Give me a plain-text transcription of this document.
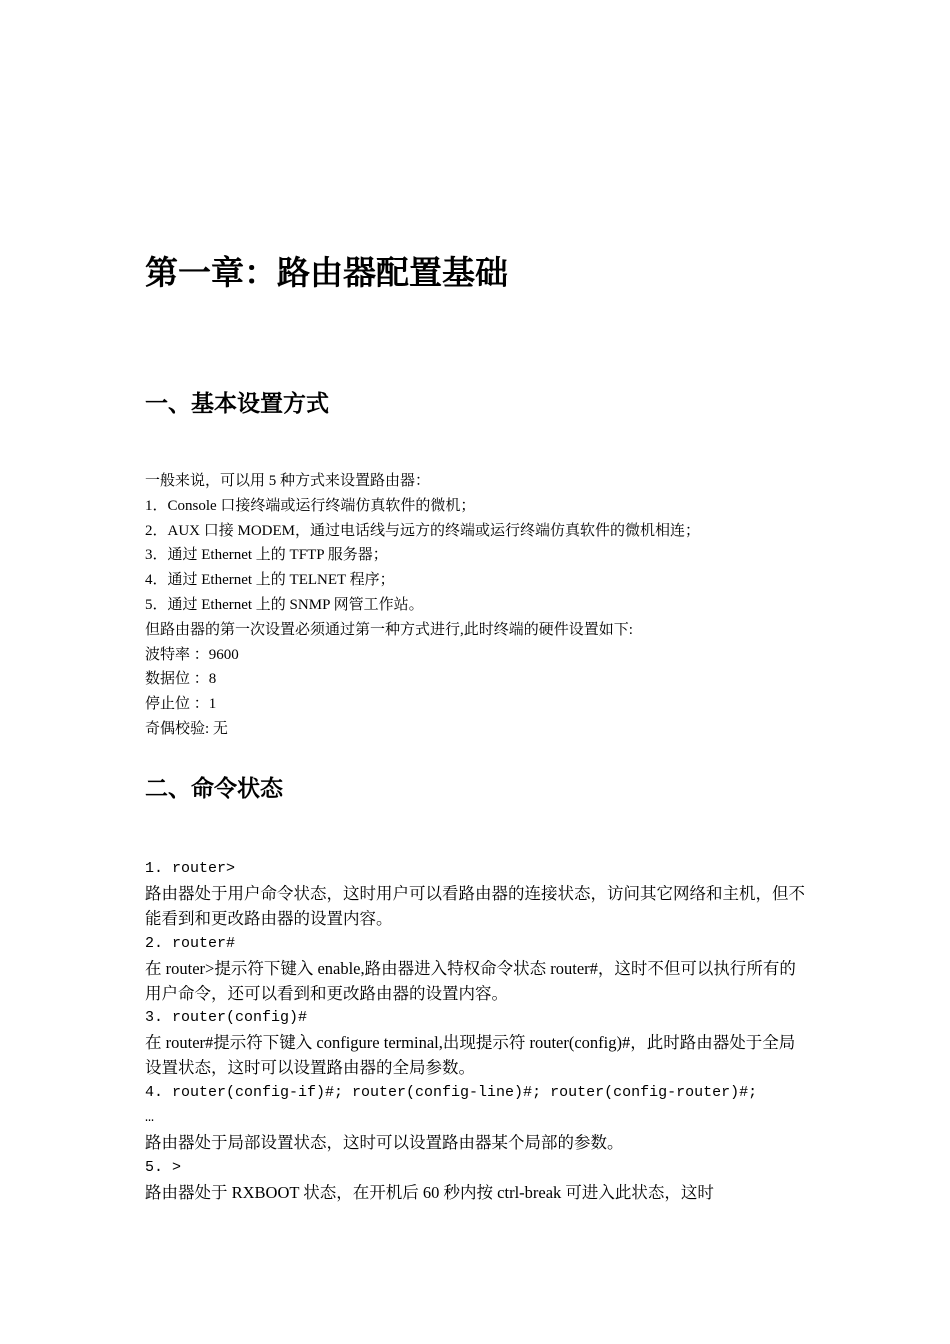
第一章：路由器配置基础
一、基本设置方式

一般来说，可以用 5 种方式来设置路由器：

1．Console 口接终端或运行终端仿真软件的微机；

2．AUX 口接 MODEM，通过电话线与远方的终端或运行终端仿真软件的微机相连；

3．通过 Ethernet 上的 TFTP 服务器；

4．通过 Ethernet 上的 TELNET 程序；

5．通过 Ethernet 上的 SNMP 网管工作站。

但路由器的第一次设置必须通过第一种方式进行,此时终端的硬件设置如下:

波特率 ：9600

数据位 ：8

停止位 ：1

奇偶校验: 无

二、命令状态

1. router>

路由器处于用户命令状态，这时用户可以看路由器的连接状态，访问其它网络和主机，但不能看到和更改路由器的设置内容。

2. router#

在 router>提示符下键入 enable,路由器进入特权命令状态 router#，这时不但可以执行所有的用户命令，还可以看到和更改路由器的设置内容。

3. router(config)#

在 router#提示符下键入 configure terminal,出现提示符 router(config)#，此时路由器处于全局设置状态，这时可以设置路由器的全局参数。

4. router(config-if)#; router(config-line)#; router(config-router)#;

…

路由器处于局部设置状态，这时可以设置路由器某个局部的参数。

5. >

路由器处于 RXBOOT 状态，在开机后 60 秒内按 ctrl-break 可进入此状态，这时
